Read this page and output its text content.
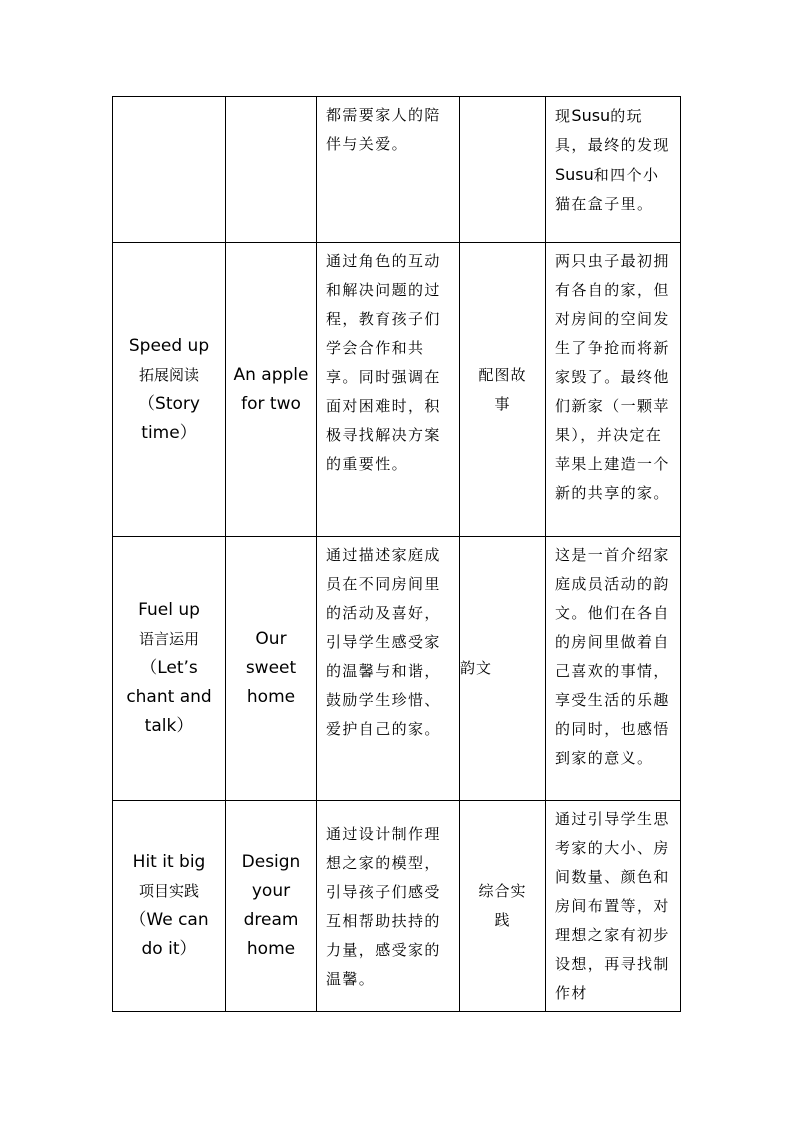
		都需要家人的陪伴与关爱。		现Susu的玩具，最终的发现Susu和四个小猫在盒子里。

Speed up
拓展阅读
（Story time）	An apple for two	通过角色的互动和解决问题的过程，教育孩子们学会合作和共享。同时强调在面对困难时，积极寻找解决方案的重要性。	配图故事	两只虫子最初拥有各自的家，但对房间的空间发生了争抢而将新家毁了。最终他们新家（一颗苹果），并决定在苹果上建造一个新的共享的家。

Fuel up
语言运用
（Let’s chant and talk）	Our sweet home	通过描述家庭成员在不同房间里的活动及喜好，引导学生感受家的温馨与和谐，鼓励学生珍惜、爱护自己的家。	韵文	这是一首介绍家庭成员活动的韵文。他们在各自的房间里做着自己喜欢的事情，享受生活的乐趣的同时，也感悟到家的意义。

Hit it big
项目实践
（We can do it）	Design your dream home	通过设计制作理想之家的模型，引导孩子们感受互相帮助扶持的力量，感受家的温馨。	综合实践	通过引导学生思考家的大小、房间数量、颜色和房间布置等，对理想之家有初步设想，再寻找制作材
